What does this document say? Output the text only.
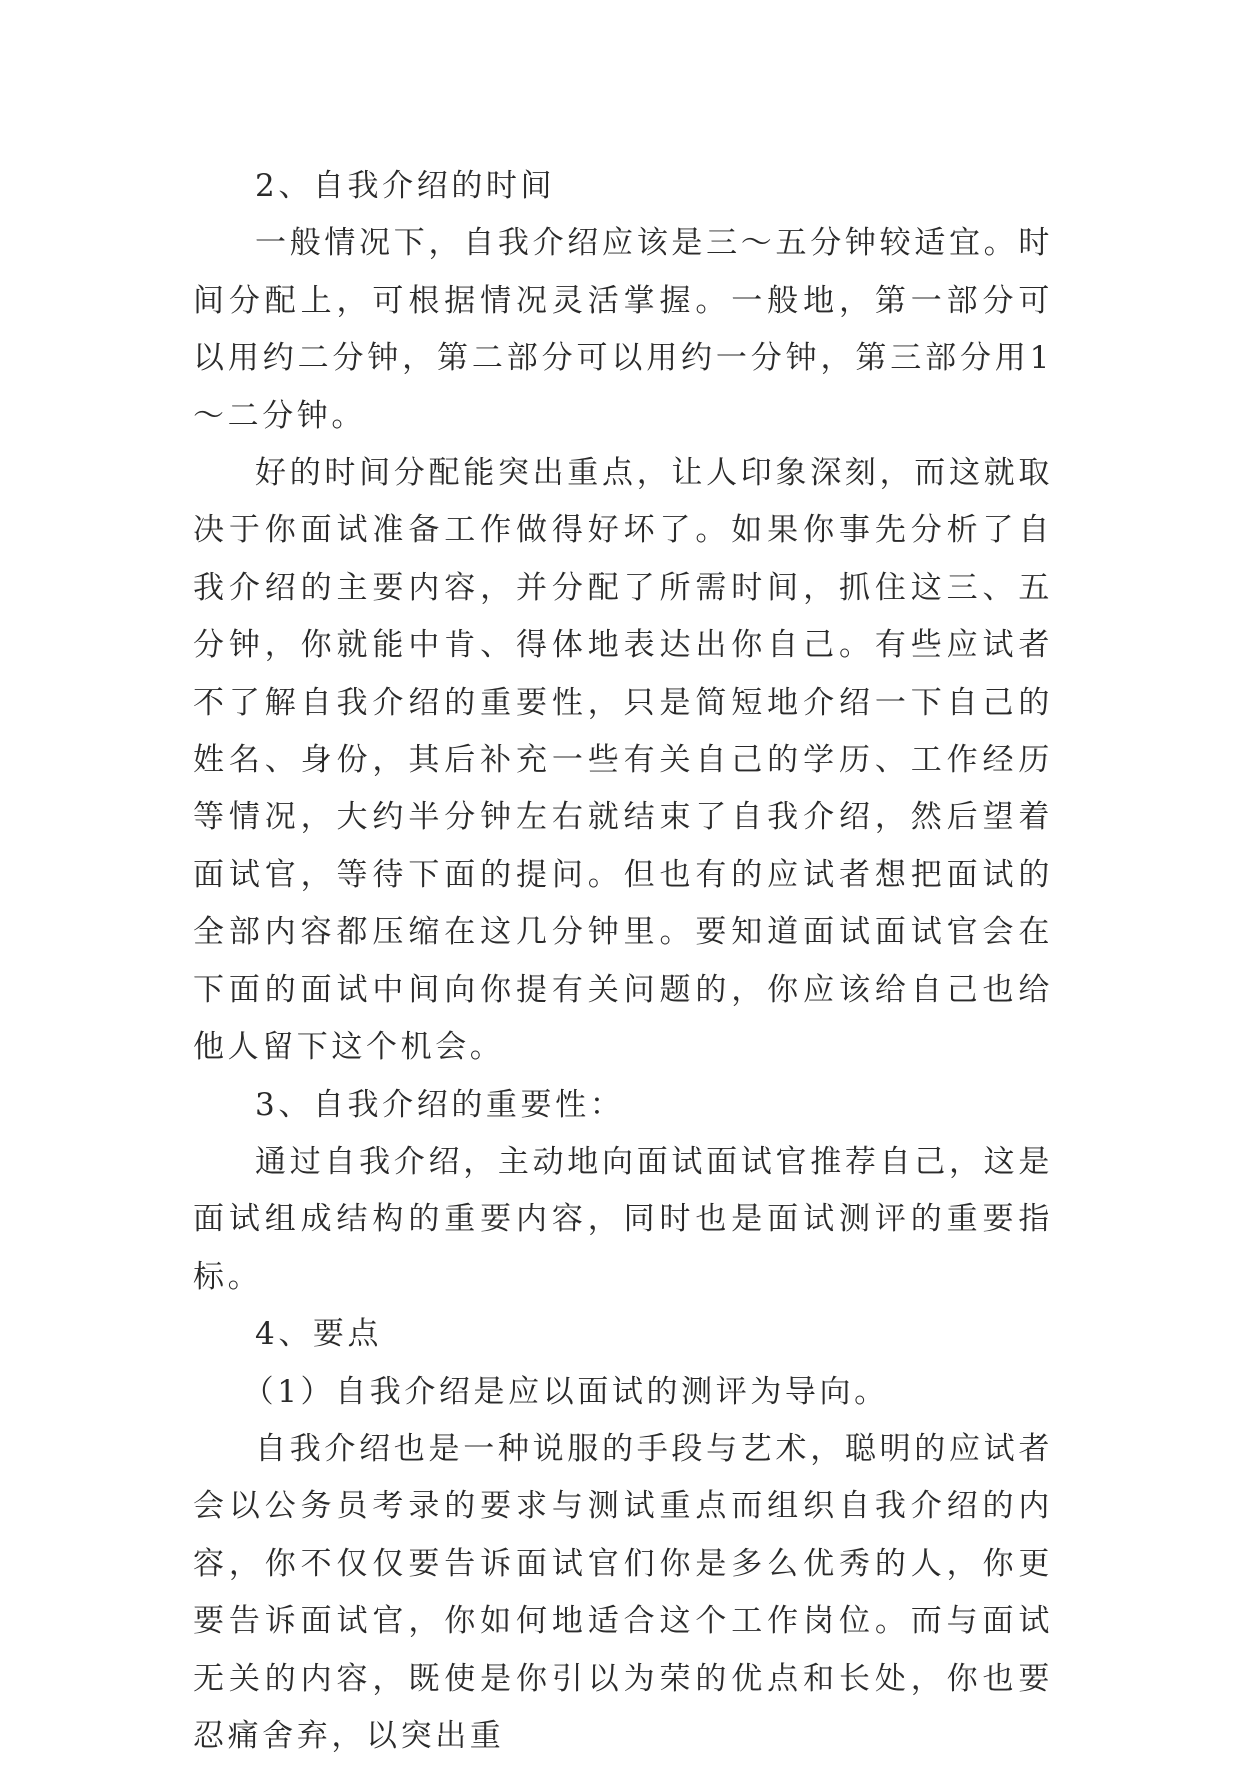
2、自我介绍的时间

一般情况下，自我介绍应该是三～五分钟较适宜。时间分配上，可根据情况灵活掌握。一般地，第一部分可以用约二分钟，第二部分可以用约一分钟，第三部分用1～二分钟。

好的时间分配能突出重点，让人印象深刻，而这就取决于你面试准备工作做得好坏了。如果你事先分析了自我介绍的主要内容，并分配了所需时间，抓住这三、五分钟，你就能中肯、得体地表达出你自己。有些应试者不了解自我介绍的重要性，只是简短地介绍一下自己的姓名、身份，其后补充一些有关自己的学历、工作经历等情况，大约半分钟左右就结束了自我介绍，然后望着面试官，等待下面的提问。但也有的应试者想把面试的全部内容都压缩在这几分钟里。要知道面试面试官会在下面的面试中间向你提有关问题的，你应该给自己也给他人留下这个机会。

3、自我介绍的重要性：

通过自我介绍，主动地向面试面试官推荐自己，这是面试组成结构的重要内容，同时也是面试测评的重要指标。

4、要点

（1）自我介绍是应以面试的测评为导向。

自我介绍也是一种说服的手段与艺术，聪明的应试者会以公务员考录的要求与测试重点而组织自我介绍的内容，你不仅仅要告诉面试官们你是多么优秀的人，你更要告诉面试官，你如何地适合这个工作岗位。而与面试无关的内容，既使是你引以为荣的优点和长处，你也要忍痛舍弃，以突出重
